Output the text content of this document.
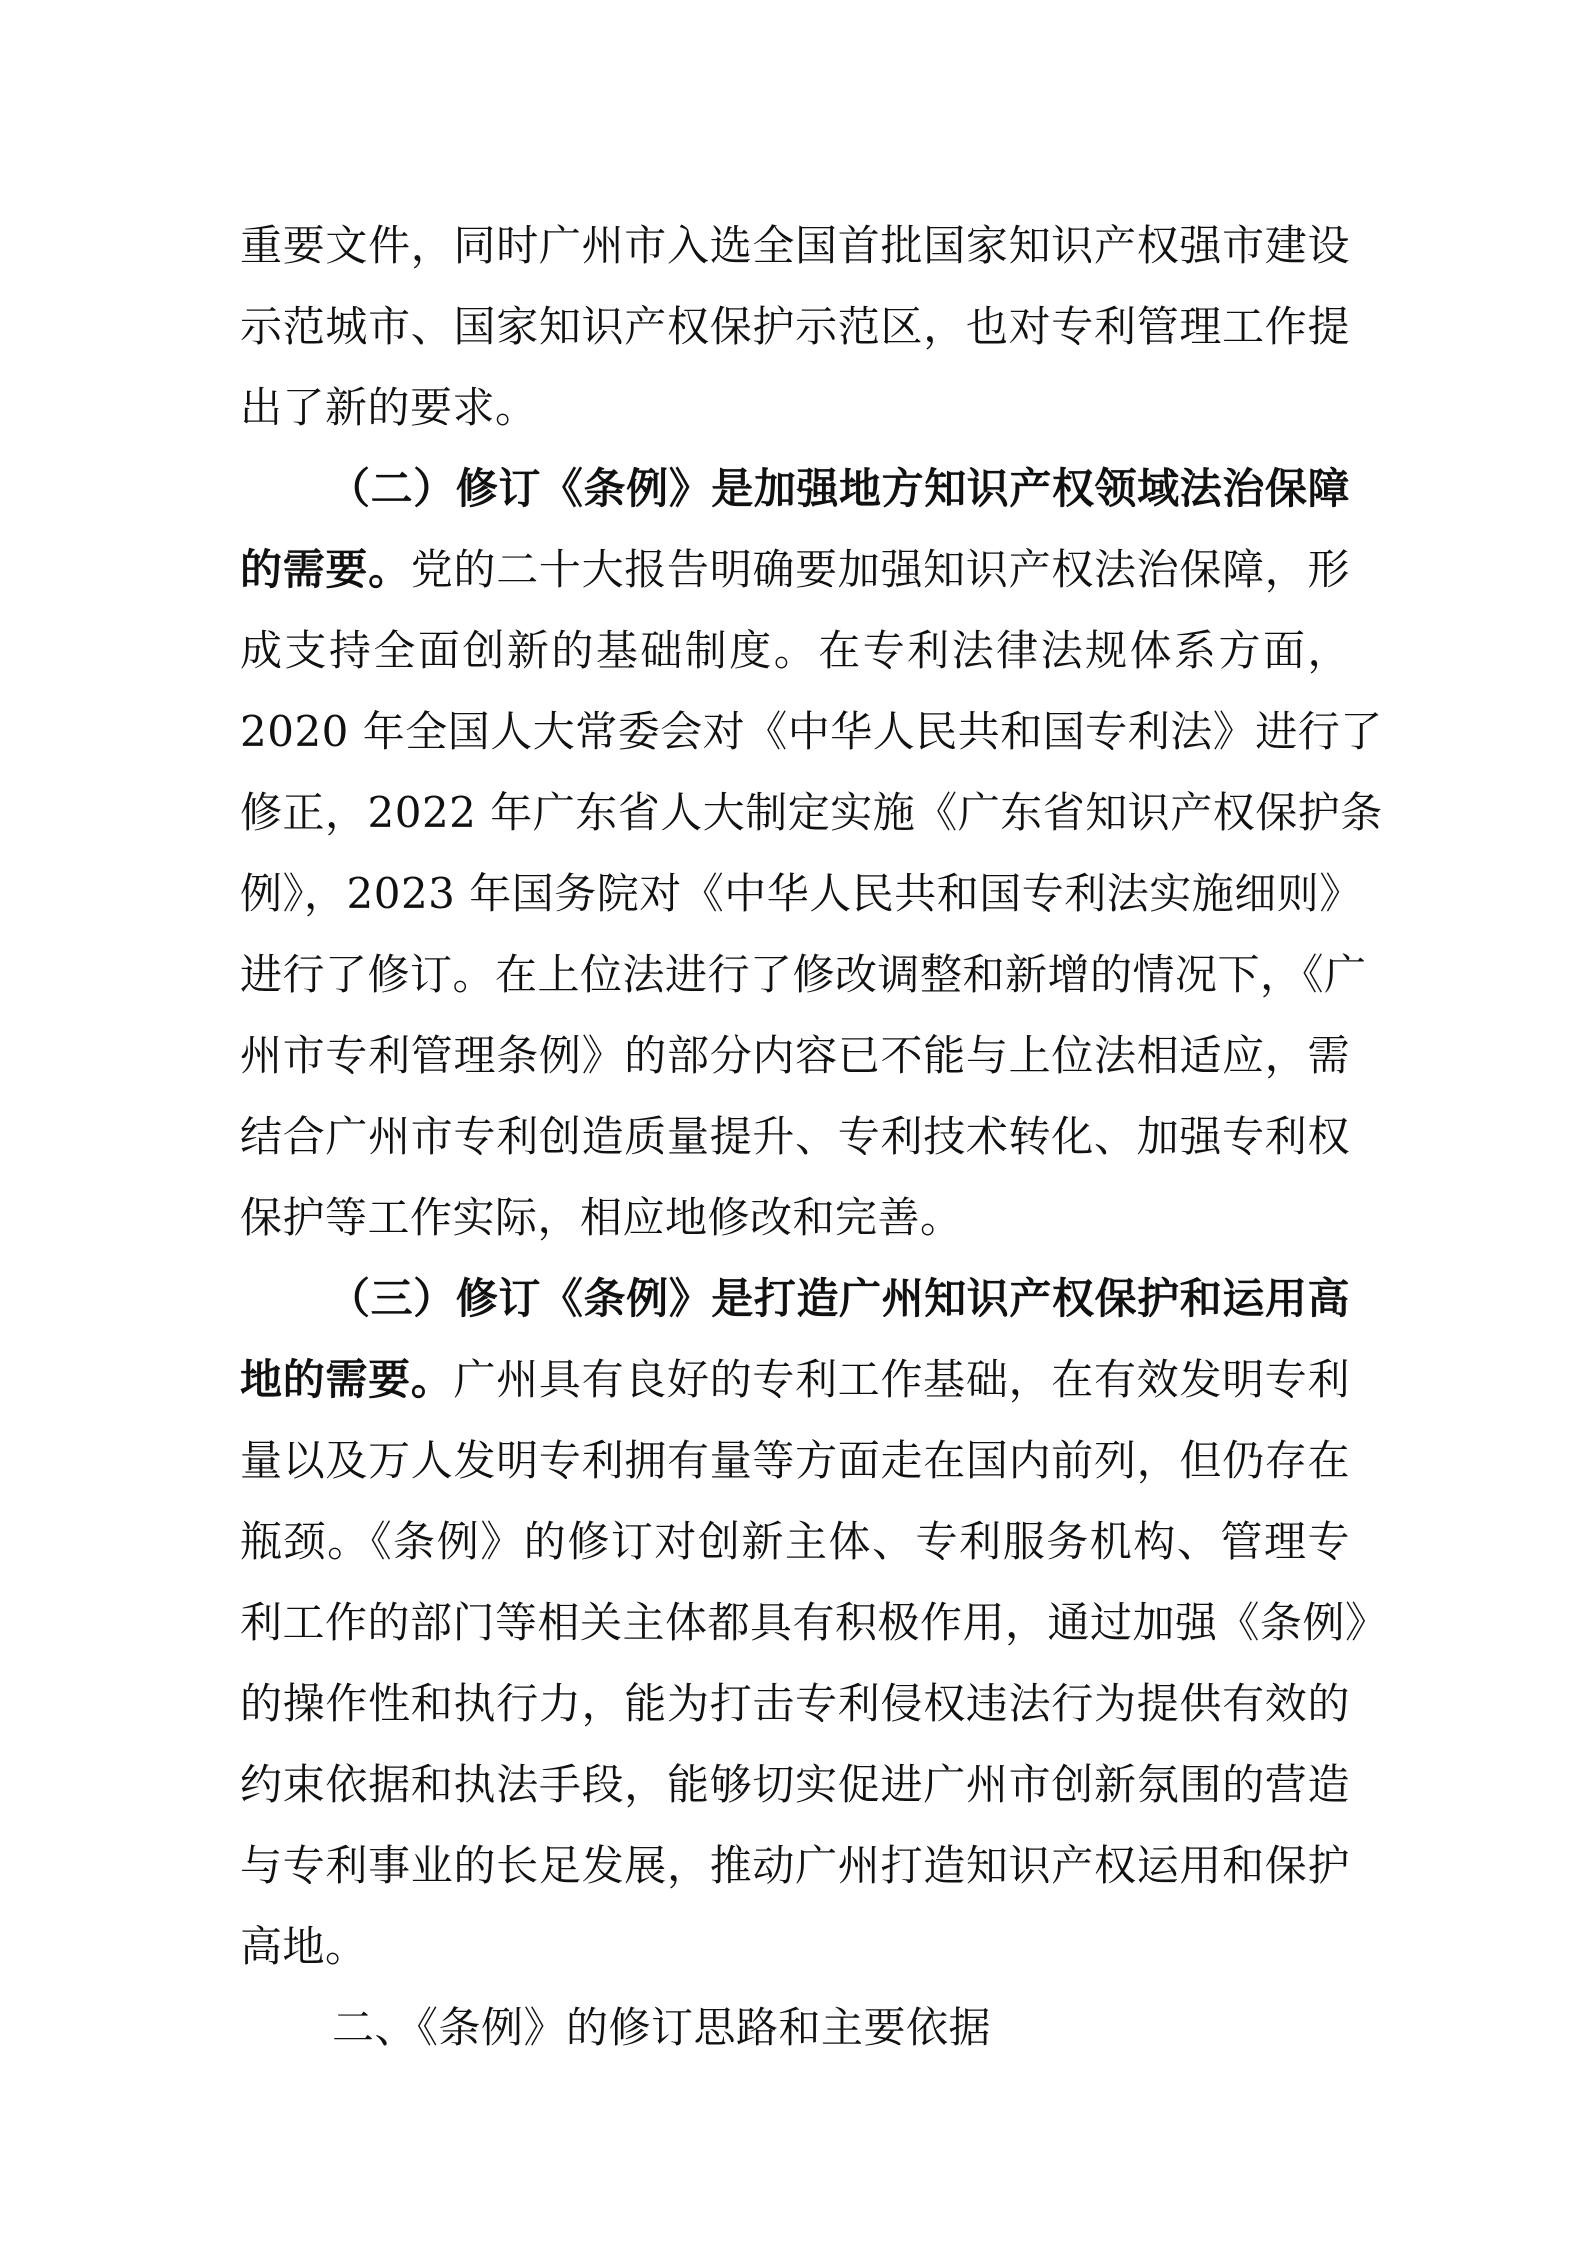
重要文件，同时广州市入选全国首批国家知识产权强市建设
示范城市、国家知识产权保护示范区，也对专利管理工作提
出了新的要求。
（二）修订《条例》是加强地方知识产权领域法治保障
的需要。党的二十大报告明确要加强知识产权法治保障，形
成支持全面创新的基础制度。在专利法律法规体系方面，
2020 年全国人大常委会对《中华人民共和国专利法》进行了
修正，2022 年广东省人大制定实施《广东省知识产权保护条
例》，2023 年国务院对《中华人民共和国专利法实施细则》
进行了修订。在上位法进行了修改调整和新增的情况下，《广
州市专利管理条例》的部分内容已不能与上位法相适应，需
结合广州市专利创造质量提升、专利技术转化、加强专利权
保护等工作实际，相应地修改和完善。
（三）修订《条例》是打造广州知识产权保护和运用高
地的需要。广州具有良好的专利工作基础，在有效发明专利
量以及万人发明专利拥有量等方面走在国内前列，但仍存在
瓶颈。《条例》的修订对创新主体、专利服务机构、管理专
利工作的部门等相关主体都具有积极作用，通过加强《条例》
的操作性和执行力，能为打击专利侵权违法行为提供有效的
约束依据和执法手段，能够切实促进广州市创新氛围的营造
与专利事业的长足发展，推动广州打造知识产权运用和保护
高地。
二、《条例》的修订思路和主要依据
